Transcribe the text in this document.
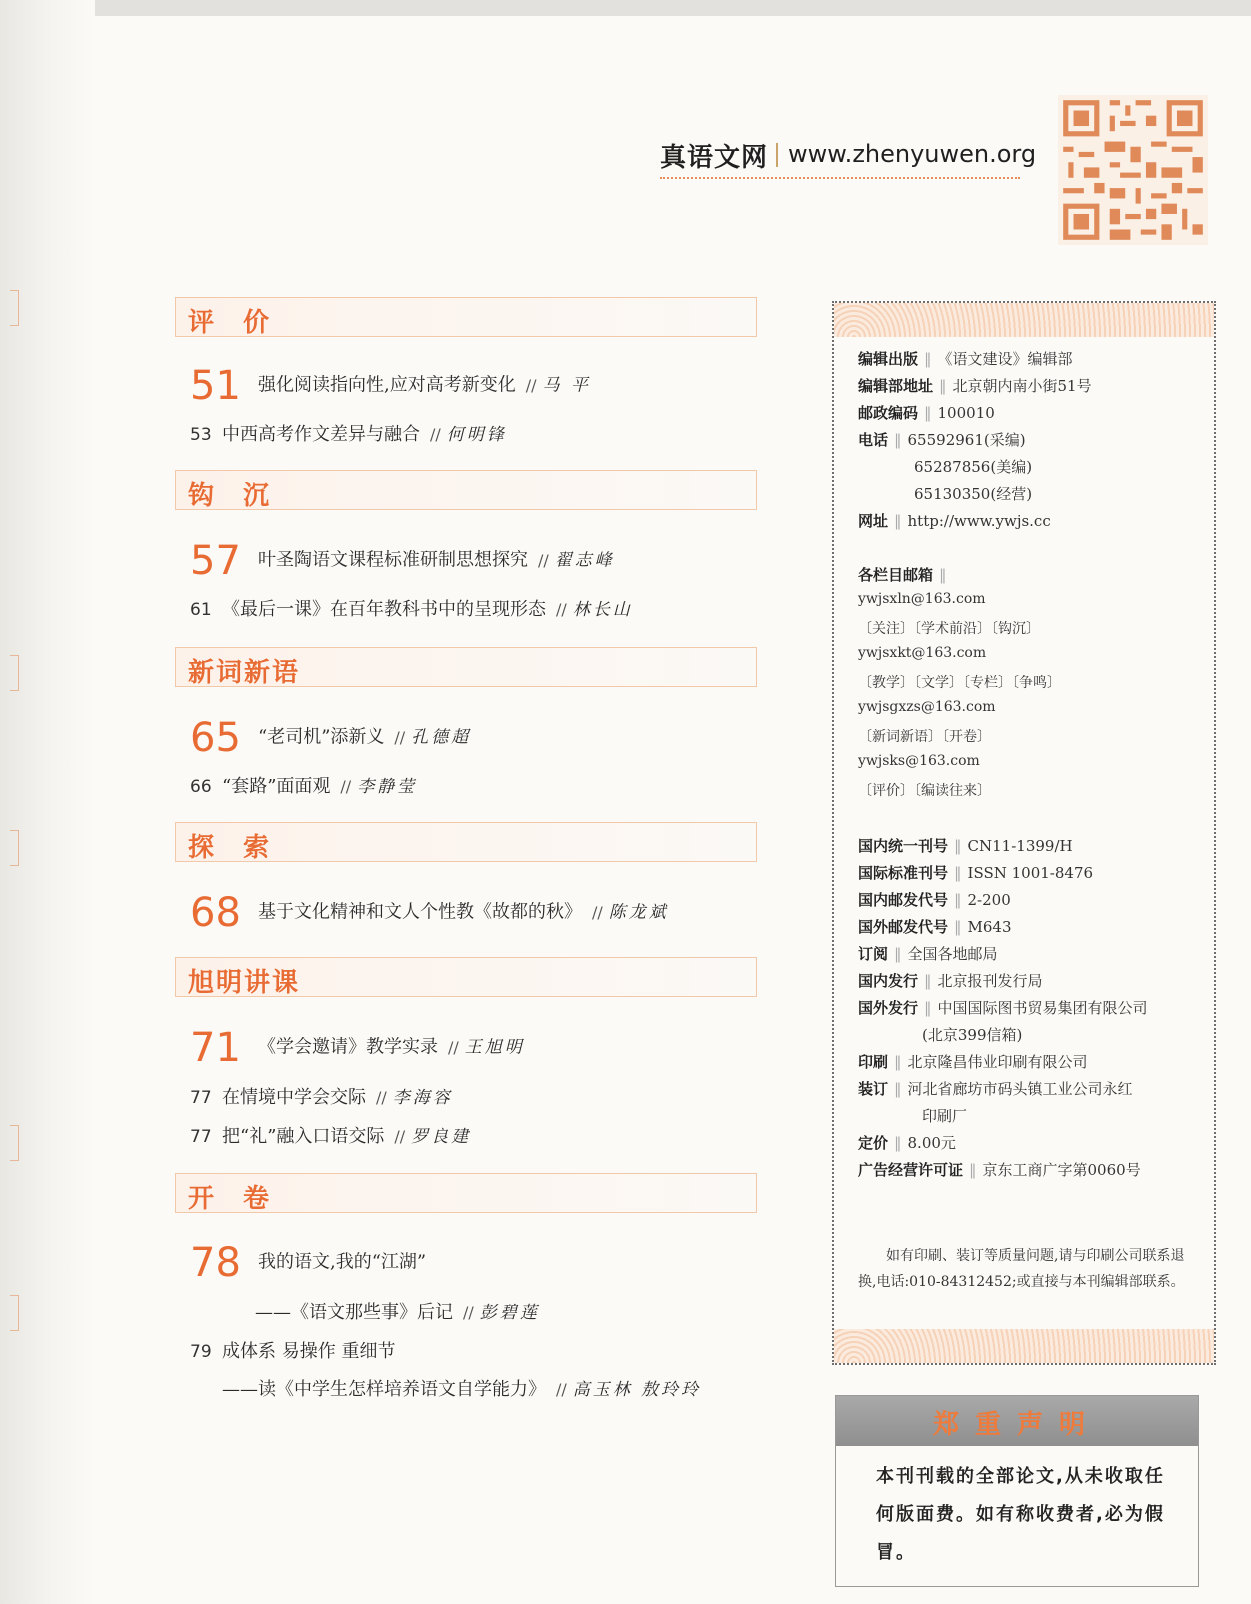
真语文网 www.zhenyuwen.org
评 价
51 强化阅读指向性,应对高考新变化 // 马 平
53 中西高考作文差异与融合 // 何明锋
钩 沉
57 叶圣陶语文课程标准研制思想探究 // 翟志峰
61 《最后一课》在百年教科书中的呈现形态 // 林长山
新词新语
65 “老司机”添新义 // 孔德超
66 “套路”面面观 // 李静莹
探 索
68 基于文化精神和文人个性教《故都的秋》 // 陈龙斌
旭明讲课
71 《学会邀请》教学实录 // 王旭明
77 在情境中学会交际 // 李海容
77 把“礼”融入口语交际 // 罗良建
开 卷
78 我的语文,我的“江湖”
——《语文那些事》后记 // 彭碧莲
79 成体系 易操作 重细节
——读《中学生怎样培养语文自学能力》 // 高玉林 敖玲玲
编辑出版 ‖ 《语文建设》编辑部
编辑部地址 ‖ 北京朝内南小街51号
邮政编码 ‖ 100010
电话 ‖ 65592961(采编)
65287856(美编)
65130350(经营)
网址 ‖ http://www.ywjs.cc
各栏目邮箱 ‖
ywjsxln@163.com
〔关注〕〔学术前沿〕〔钩沉〕
ywjsxkt@163.com
〔教学〕〔文学〕〔专栏〕〔争鸣〕
ywjsgxzs@163.com
〔新词新语〕〔开卷〕
ywjsks@163.com
〔评价〕〔编读往来〕
国内统一刊号 ‖ CN11-1399/H
国际标准刊号 ‖ ISSN 1001-8476
国内邮发代号 ‖ 2-200
国外邮发代号 ‖ M643
订阅 ‖ 全国各地邮局
国内发行 ‖ 北京报刊发行局
国外发行 ‖ 中国国际图书贸易集团有限公司
(北京399信箱)
印刷 ‖ 北京隆昌伟业印刷有限公司
装订 ‖ 河北省廊坊市码头镇工业公司永红
印刷厂
定价 ‖ 8.00元
广告经营许可证 ‖ 京东工商广字第0060号
如有印刷、装订等质量问题,请与印刷公司联系退换,电话:010-84312452;或直接与本刊编辑部联系。
郑重声明
本刊刊载的全部论文,从未收取任何版面费。如有称收费者,必为假冒。
